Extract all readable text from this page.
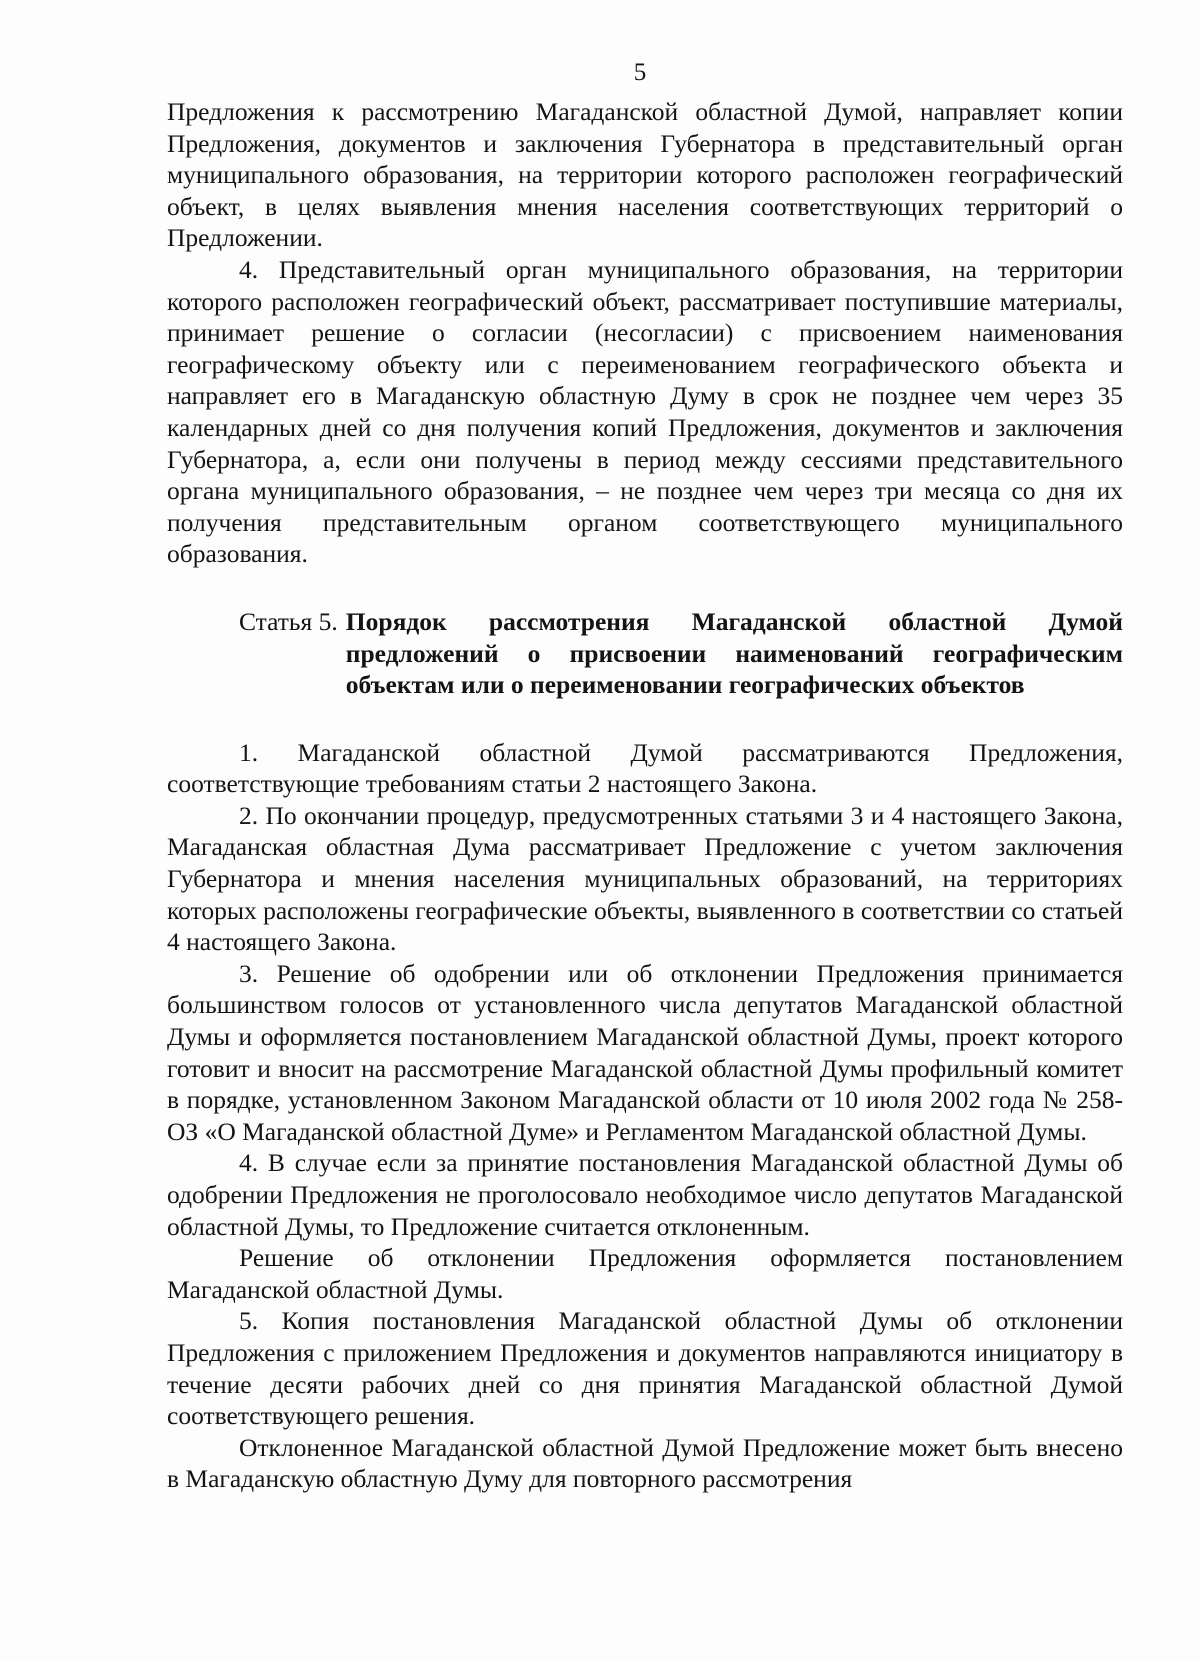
5

Предложения к рассмотрению Магаданской областной Думой, направляет копии Предложения, документов и заключения Губернатора в представительный орган муниципального образования, на территории которого расположен географический объект, в целях выявления мнения населения соответствующих территорий о Предложении.

4. Представительный орган муниципального образования, на территории которого расположен географический объект, рассматривает поступившие материалы, принимает решение о согласии (несогласии) с присвоением наименования географическому объекту или с переименованием географического объекта и направляет его в Магаданскую областную Думу в срок не позднее чем через 35 календарных дней со дня получения копий Предложения, документов и заключения Губернатора, а, если они получены в период между сессиями представительного органа муниципального образования, – не позднее чем через три месяца со дня их получения представительным органом соответствующего муниципального образования.

Статья 5. Порядок рассмотрения Магаданской областной Думой предложений о присвоении наименований географическим объектам или о переименовании географических объектов

1. Магаданской областной Думой рассматриваются Предложения, соответствующие требованиям статьи 2 настоящего Закона.

2. По окончании процедур, предусмотренных статьями 3 и 4 настоящего Закона, Магаданская областная Дума рассматривает Предложение с учетом заключения Губернатора и мнения населения муниципальных образований, на территориях которых расположены географические объекты, выявленного в соответствии со статьей 4 настоящего Закона.

3. Решение об одобрении или об отклонении Предложения принимается большинством голосов от установленного числа депутатов Магаданской областной Думы и оформляется постановлением Магаданской областной Думы, проект которого готовит и вносит на рассмотрение Магаданской областной Думы профильный комитет в порядке, установленном Законом Магаданской области от 10 июля 2002 года № 258-ОЗ «О Магаданской областной Думе» и Регламентом Магаданской областной Думы.

4. В случае если за принятие постановления Магаданской областной Думы об одобрении Предложения не проголосовало необходимое число депутатов Магаданской областной Думы, то Предложение считается отклоненным.

Решение об отклонении Предложения оформляется постановлением Магаданской областной Думы.

5. Копия постановления Магаданской областной Думы об отклонении Предложения с приложением Предложения и документов направляются инициатору в течение десяти рабочих дней со дня принятия Магаданской областной Думой соответствующего решения.

Отклоненное Магаданской областной Думой Предложение может быть внесено в Магаданскую областную Думу для повторного рассмотрения
